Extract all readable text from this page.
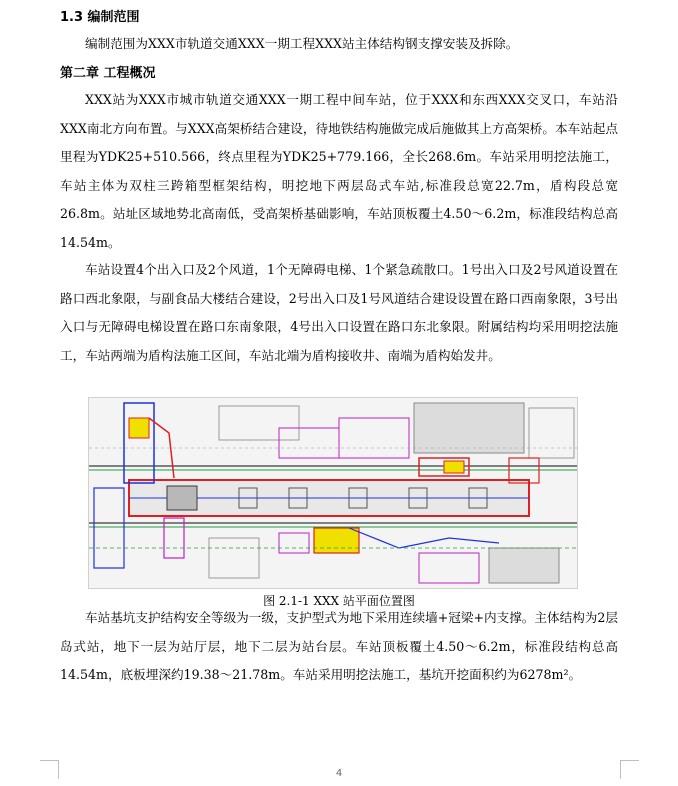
1.3 编制范围
编制范围为XXX市轨道交通XXX一期工程XXX站主体结构钢支撑安装及拆除。
第二章 工程概况
XXX站为XXX市城市轨道交通XXX一期工程中间车站，位于XXX和东西XXX交叉口，车站沿XXX南北方向布置。与XXX高架桥结合建设，待地铁结构施做完成后施做其上方高架桥。本车站起点里程为YDK25+510.566，终点里程为YDK25+779.166，全长268.6m。车站采用明挖法施工，车站主体为双柱三跨箱型框架结构，明挖地下两层岛式车站,标准段总宽22.7m，盾构段总宽26.8m。站址区域地势北高南低，受高架桥基础影响，车站顶板覆土4.50～6.2m，标准段结构总高14.54m。
车站设置4个出入口及2个风道，1个无障碍电梯、1个紧急疏散口。1号出入口及2号风道设置在路口西北象限，与副食品大楼结合建设，2号出入口及1号风道结合建设设置在路口西南象限，3号出入口与无障碍电梯设置在路口东南象限，4号出入口设置在路口东北象限。附属结构均采用明挖法施工，车站两端为盾构法施工区间，车站北端为盾构接收井、南端为盾构始发井。
图 2.1-1 XXX 站平面位置图
车站基坑支护结构安全等级为一级，支护型式为地下采用连续墙+冠梁+内支撑。主体结构为2层岛式站，地下一层为站厅层，地下二层为站台层。车站顶板覆土4.50～6.2m，标准段结构总高14.54m，底板埋深约19.38～21.78m。车站采用明挖法施工，基坑开挖面积约为6278m²。
4
